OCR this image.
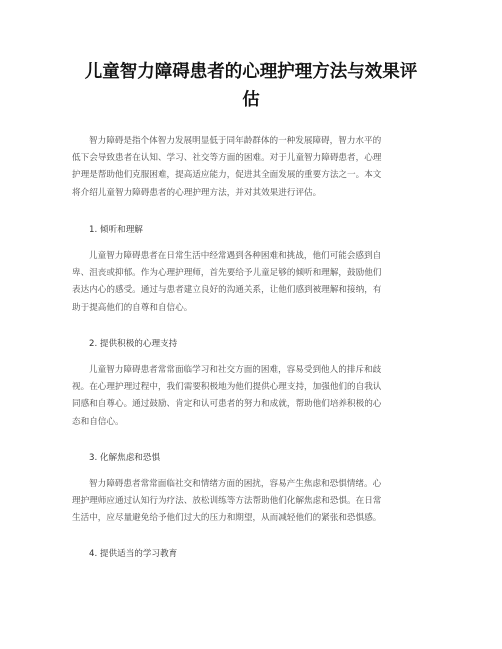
儿童智力障碍患者的心理护理方法与效果评
估

智力障碍是指个体智力发展明显低于同年龄群体的一种发展障碍，智力水平的
低下会导致患者在认知、学习、社交等方面的困难。对于儿童智力障碍患者，心理
护理是帮助他们克服困难，提高适应能力，促进其全面发展的重要方法之一。本文
将介绍儿童智力障碍患者的心理护理方法，并对其效果进行评估。

1. 倾听和理解

儿童智力障碍患者在日常生活中经常遇到各种困难和挑战，他们可能会感到自
卑、沮丧或抑郁。作为心理护理师，首先要给予儿童足够的倾听和理解，鼓励他们
表达内心的感受。通过与患者建立良好的沟通关系，让他们感到被理解和接纳，有
助于提高他们的自尊和自信心。

2. 提供积极的心理支持

儿童智力障碍患者常常面临学习和社交方面的困难，容易受到他人的排斥和歧
视。在心理护理过程中，我们需要积极地为他们提供心理支持，加强他们的自我认
同感和自尊心。通过鼓励、肯定和认可患者的努力和成就，帮助他们培养积极的心
态和自信心。

3. 化解焦虑和恐惧

智力障碍患者常常面临社交和情绪方面的困扰，容易产生焦虑和恐惧情绪。心
理护理师应通过认知行为疗法、放松训练等方法帮助他们化解焦虑和恐惧。在日常
生活中，应尽量避免给予他们过大的压力和期望，从而减轻他们的紧张和恐惧感。

4. 提供适当的学习教育
